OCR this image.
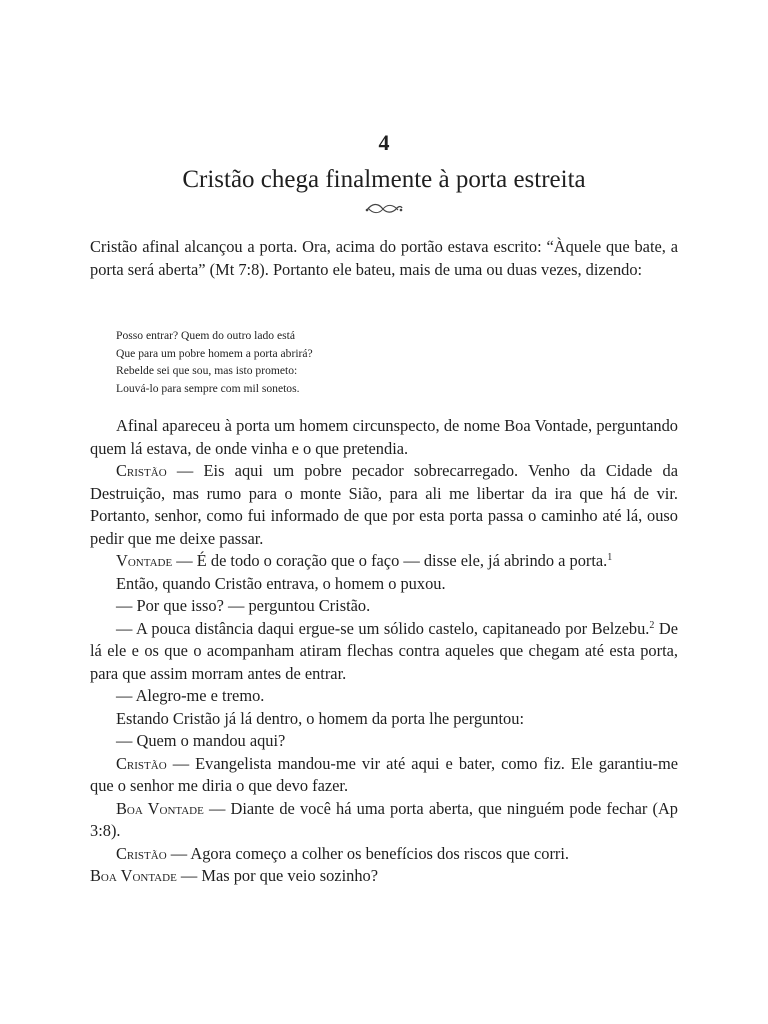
4
Cristão chega finalmente à porta estreita

Cristão afinal alcançou a porta. Ora, acima do portão estava escrito: “Àquele que bate, a porta será aberta” (Mt 7:8). Portanto ele bateu, mais de uma ou duas vezes, dizendo:

Posso entrar? Quem do outro lado está
Que para um pobre homem a porta abrirá?
Rebelde sei que sou, mas isto prometo:
Louvá-lo para sempre com mil sonetos.

Afinal apareceu à porta um homem circunspecto, de nome Boa Vontade, perguntando quem lá estava, de onde vinha e o que pretendia.

Cristão — Eis aqui um pobre pecador sobrecarregado. Venho da Cidade da Destruição, mas rumo para o monte Sião, para ali me libertar da ira que há de vir. Portanto, senhor, como fui informado de que por esta porta passa o caminho até lá, ouso pedir que me deixe passar.

Vontade — É de todo o coração que o faço — disse ele, já abrindo a porta.$^1$

Então, quando Cristão entrava, o homem o puxou.

— Por que isso? — perguntou Cristão.

— A pouca distância daqui ergue-se um sólido castelo, capitaneado por Belzebu.$^2$ De lá ele e os que o acompanham atiram flechas contra aqueles que chegam até esta porta, para que assim morram antes de entrar.

— Alegro-me e tremo.

Estando Cristão já lá dentro, o homem da porta lhe perguntou:

— Quem o mandou aqui?

Cristão — Evangelista mandou-me vir até aqui e bater, como fiz. Ele garantiu-me que o senhor me diria o que devo fazer.

Boa Vontade — Diante de você há uma porta aberta, que ninguém pode fechar (Ap 3:8).

Cristão — Agora começo a colher os benefícios dos riscos que corri.

Boa Vontade — Mas por que veio sozinho?
